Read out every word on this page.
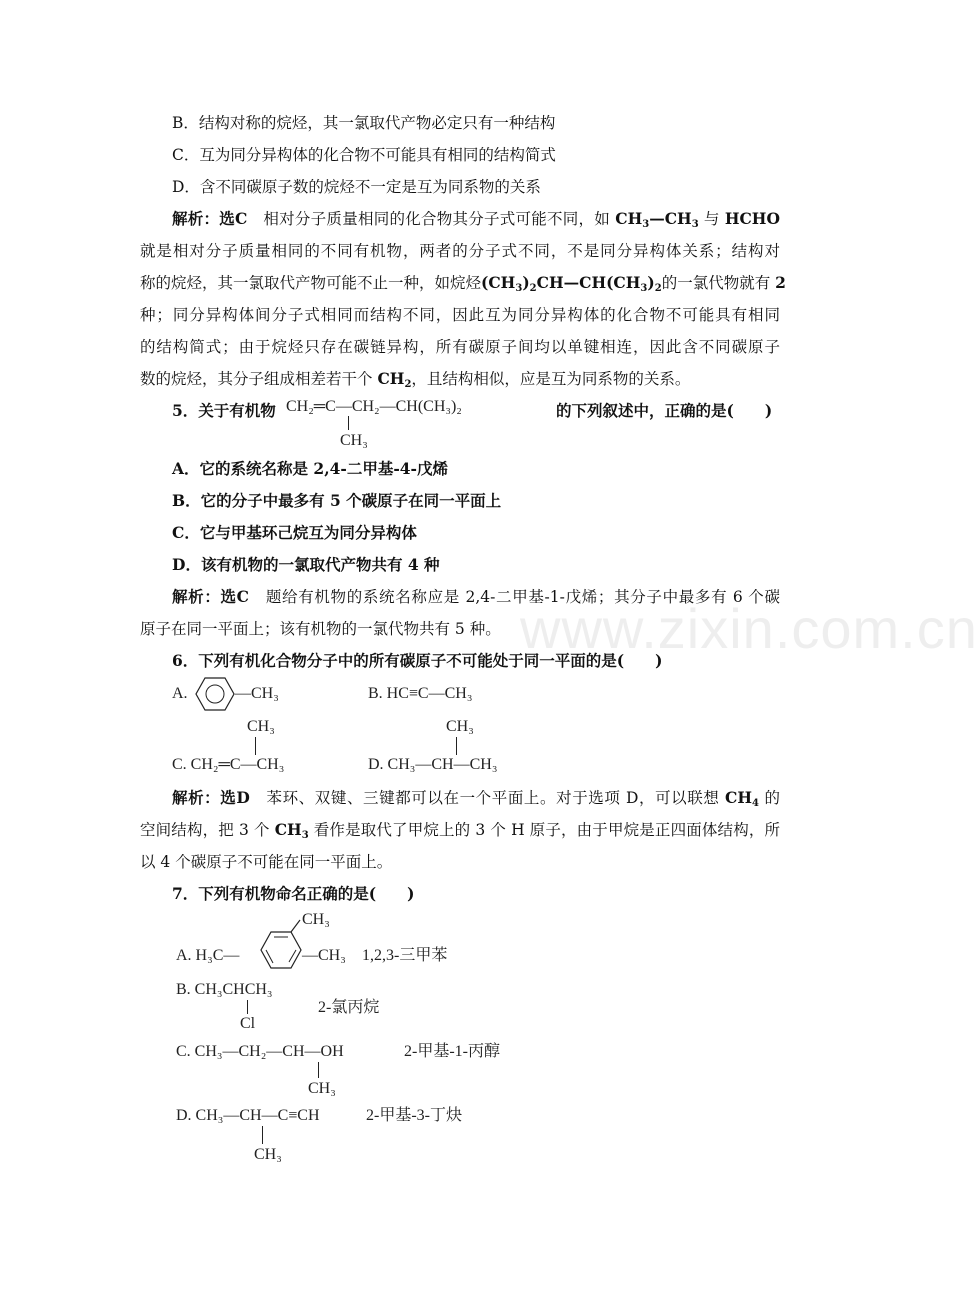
B．结构对称的烷烃，其一氯取代产物必定只有一种结构
C．互为同分异构体的化合物不可能具有相同的结构简式
D．含不同碳原子数的烷烃不一定是互为同系物的关系
解析：选C　 相对分子质量相同的化合物其分子式可能不同，如 $CH_3—CH_3$ 与 HCHO
就是相对分子质量相同的不同有机物，两者的分子式不同，不是同分异构体关系；结构对
称的烷烃，其一氯取代产物可能不止一种，如烷烃$(CH_3)_2CH—CH(CH_3)_2$的一氯代物就有 2
种；同分异构体间分子式相同而结构不同，因此互为同分异构体的化合物不可能具有相同
的结构简式；由于烷烃只存在碳链异构，所有碳原子间均以单键相连，因此含不同碳原子
数的烷烃，其分子组成相差若干个 $CH_2$，且结构相似，应是互为同系物的关系。
5．关于有机物 CH₂═C—CH₂—CH(CH₃)₂
CH₃
的下列叙述中，正确的是(　　)
A．它的系统名称是 2,4-二甲基-4-戊烯
B．它的分子中最多有 5 个碳原子在同一平面上
C．它与甲基环己烷互为同分异构体
D．该有机物的一氯取代产物共有 4 种
解析：选C　 题给有机物的系统名称应是 2,4-二甲基-1-戊烯；其分子中最多有 6 个碳
原子在同一平面上；该有机物的一氯代物共有 5 种。 www.zixin.com.cn
6．下列有机化合物分子中的所有碳原子不可能处于同一平面的是(　　)
A.	—CH₃	B. HC≡C—CH₃
CH₃
C. CH₂═C—CH₃
CH₃
D. CH₃—CH—CH₃
解析：选D　 苯环、双键、三键都可以在一个平面上。对于选项 D，可以联想 $CH_4$ 的
空间结构，把 3 个 $CH_3$ 看作是取代了甲烷上的 3 个 H 原子，由于甲烷是正四面体结构，所
以 4 个碳原子不可能在同一平面上。
7．下列有机物命名正确的是(　　)
CH₃
A. H₃C—	—CH₃ 1,2,3-三甲苯
B. CH₃CHCH₃
Cl
2-氯丙烷
C. CH₃—CH₂—CH—OH	2-甲基-1-丙醇
CH₃
D. CH₃—CH—C≡CH	2-甲基-3-丁炔
CH₃
